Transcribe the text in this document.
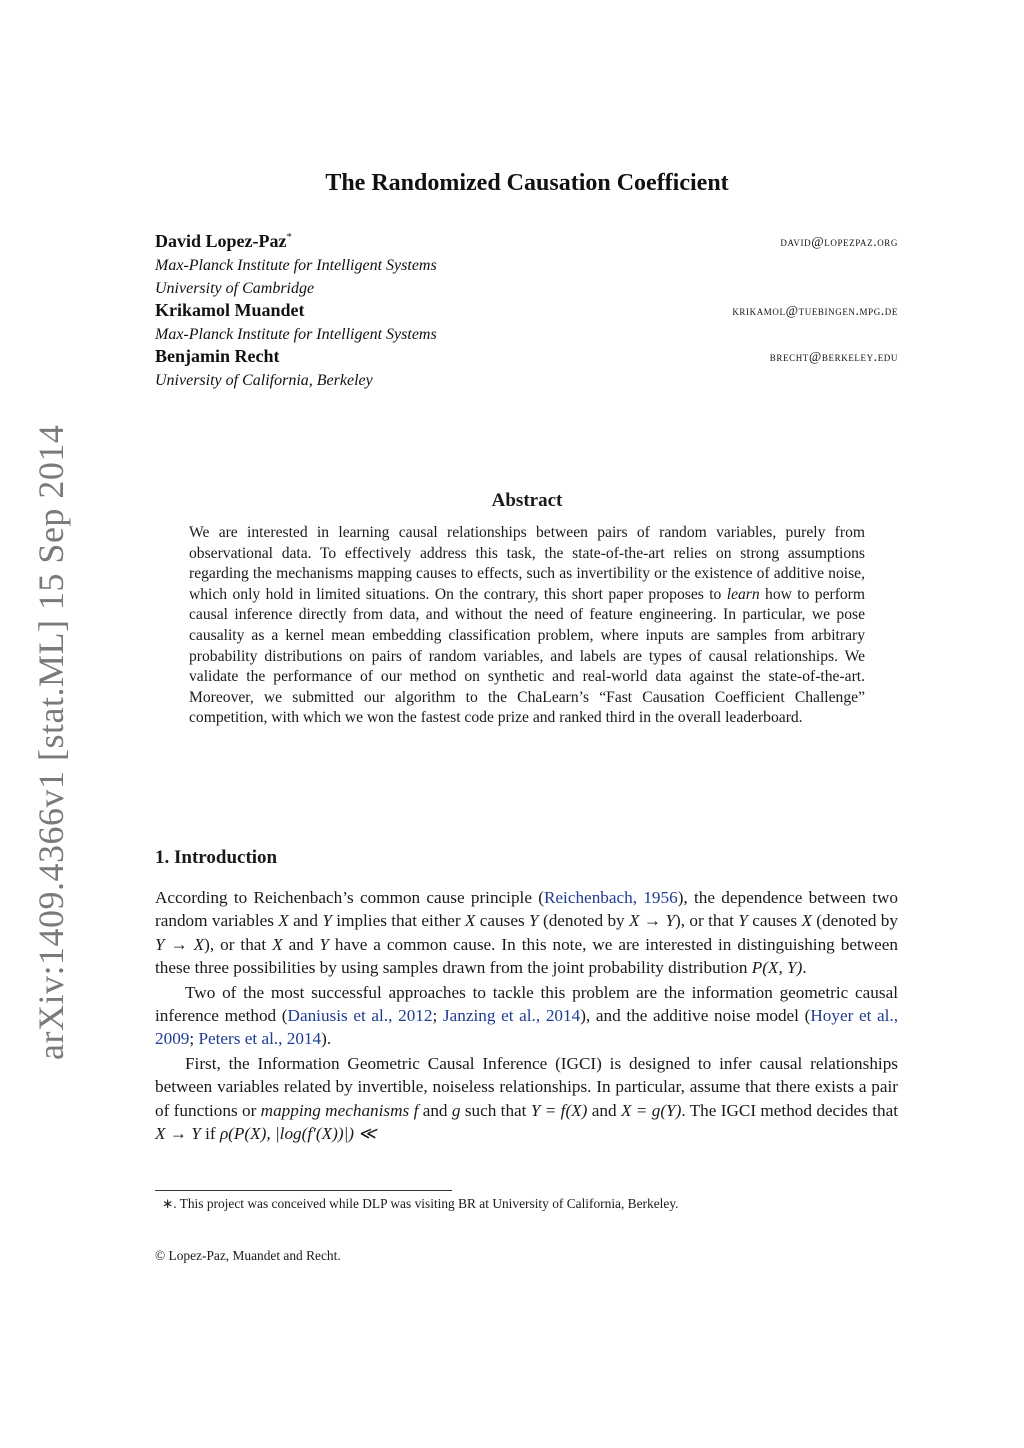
arXiv:1409.4366v1 [stat.ML] 15 Sep 2014
The Randomized Causation Coefficient
David Lopez-Paz*	david@lopezpaz.org
Max-Planck Institute for Intelligent Systems
University of Cambridge
Krikamol Muandet	krikamol@tuebingen.mpg.de
Max-Planck Institute for Intelligent Systems
Benjamin Recht	brecht@berkeley.edu
University of California, Berkeley
Abstract
We are interested in learning causal relationships between pairs of random variables, purely from observational data. To effectively address this task, the state-of-the-art relies on strong assumptions regarding the mechanisms mapping causes to effects, such as invertibility or the existence of additive noise, which only hold in limited situations. On the contrary, this short paper proposes to learn how to perform causal inference directly from data, and without the need of feature engineering. In particular, we pose causality as a kernel mean embedding classification problem, where inputs are samples from arbitrary probability distributions on pairs of random variables, and labels are types of causal relationships. We validate the performance of our method on synthetic and real-world data against the state-of-the-art. Moreover, we submitted our algorithm to the ChaLearn’s “Fast Causation Coefficient Challenge” competition, with which we won the fastest code prize and ranked third in the overall leaderboard.
1. Introduction

According to Reichenbach’s common cause principle (Reichenbach, 1956), the dependence between two random variables X and Y implies that either X causes Y (denoted by X → Y), or that Y causes X (denoted by Y → X), or that X and Y have a common cause. In this note, we are interested in distinguishing between these three possibilities by using samples drawn from the joint probability distribution P(X, Y).

Two of the most successful approaches to tackle this problem are the information geometric causal inference method (Daniusis et al., 2012; Janzing et al., 2014), and the additive noise model (Hoyer et al., 2009; Peters et al., 2014).

First, the Information Geometric Causal Inference (IGCI) is designed to infer causal relationships between variables related by invertible, noiseless relationships. In particular, assume that there exists a pair of functions or mapping mechanisms f and g such that Y = f(X) and X = g(Y). The IGCI method decides that X → Y if ρ(P(X), |log(f′(X))|) ≪

∗. This project was conceived while DLP was visiting BR at University of California, Berkeley.
© Lopez-Paz, Muandet and Recht.
